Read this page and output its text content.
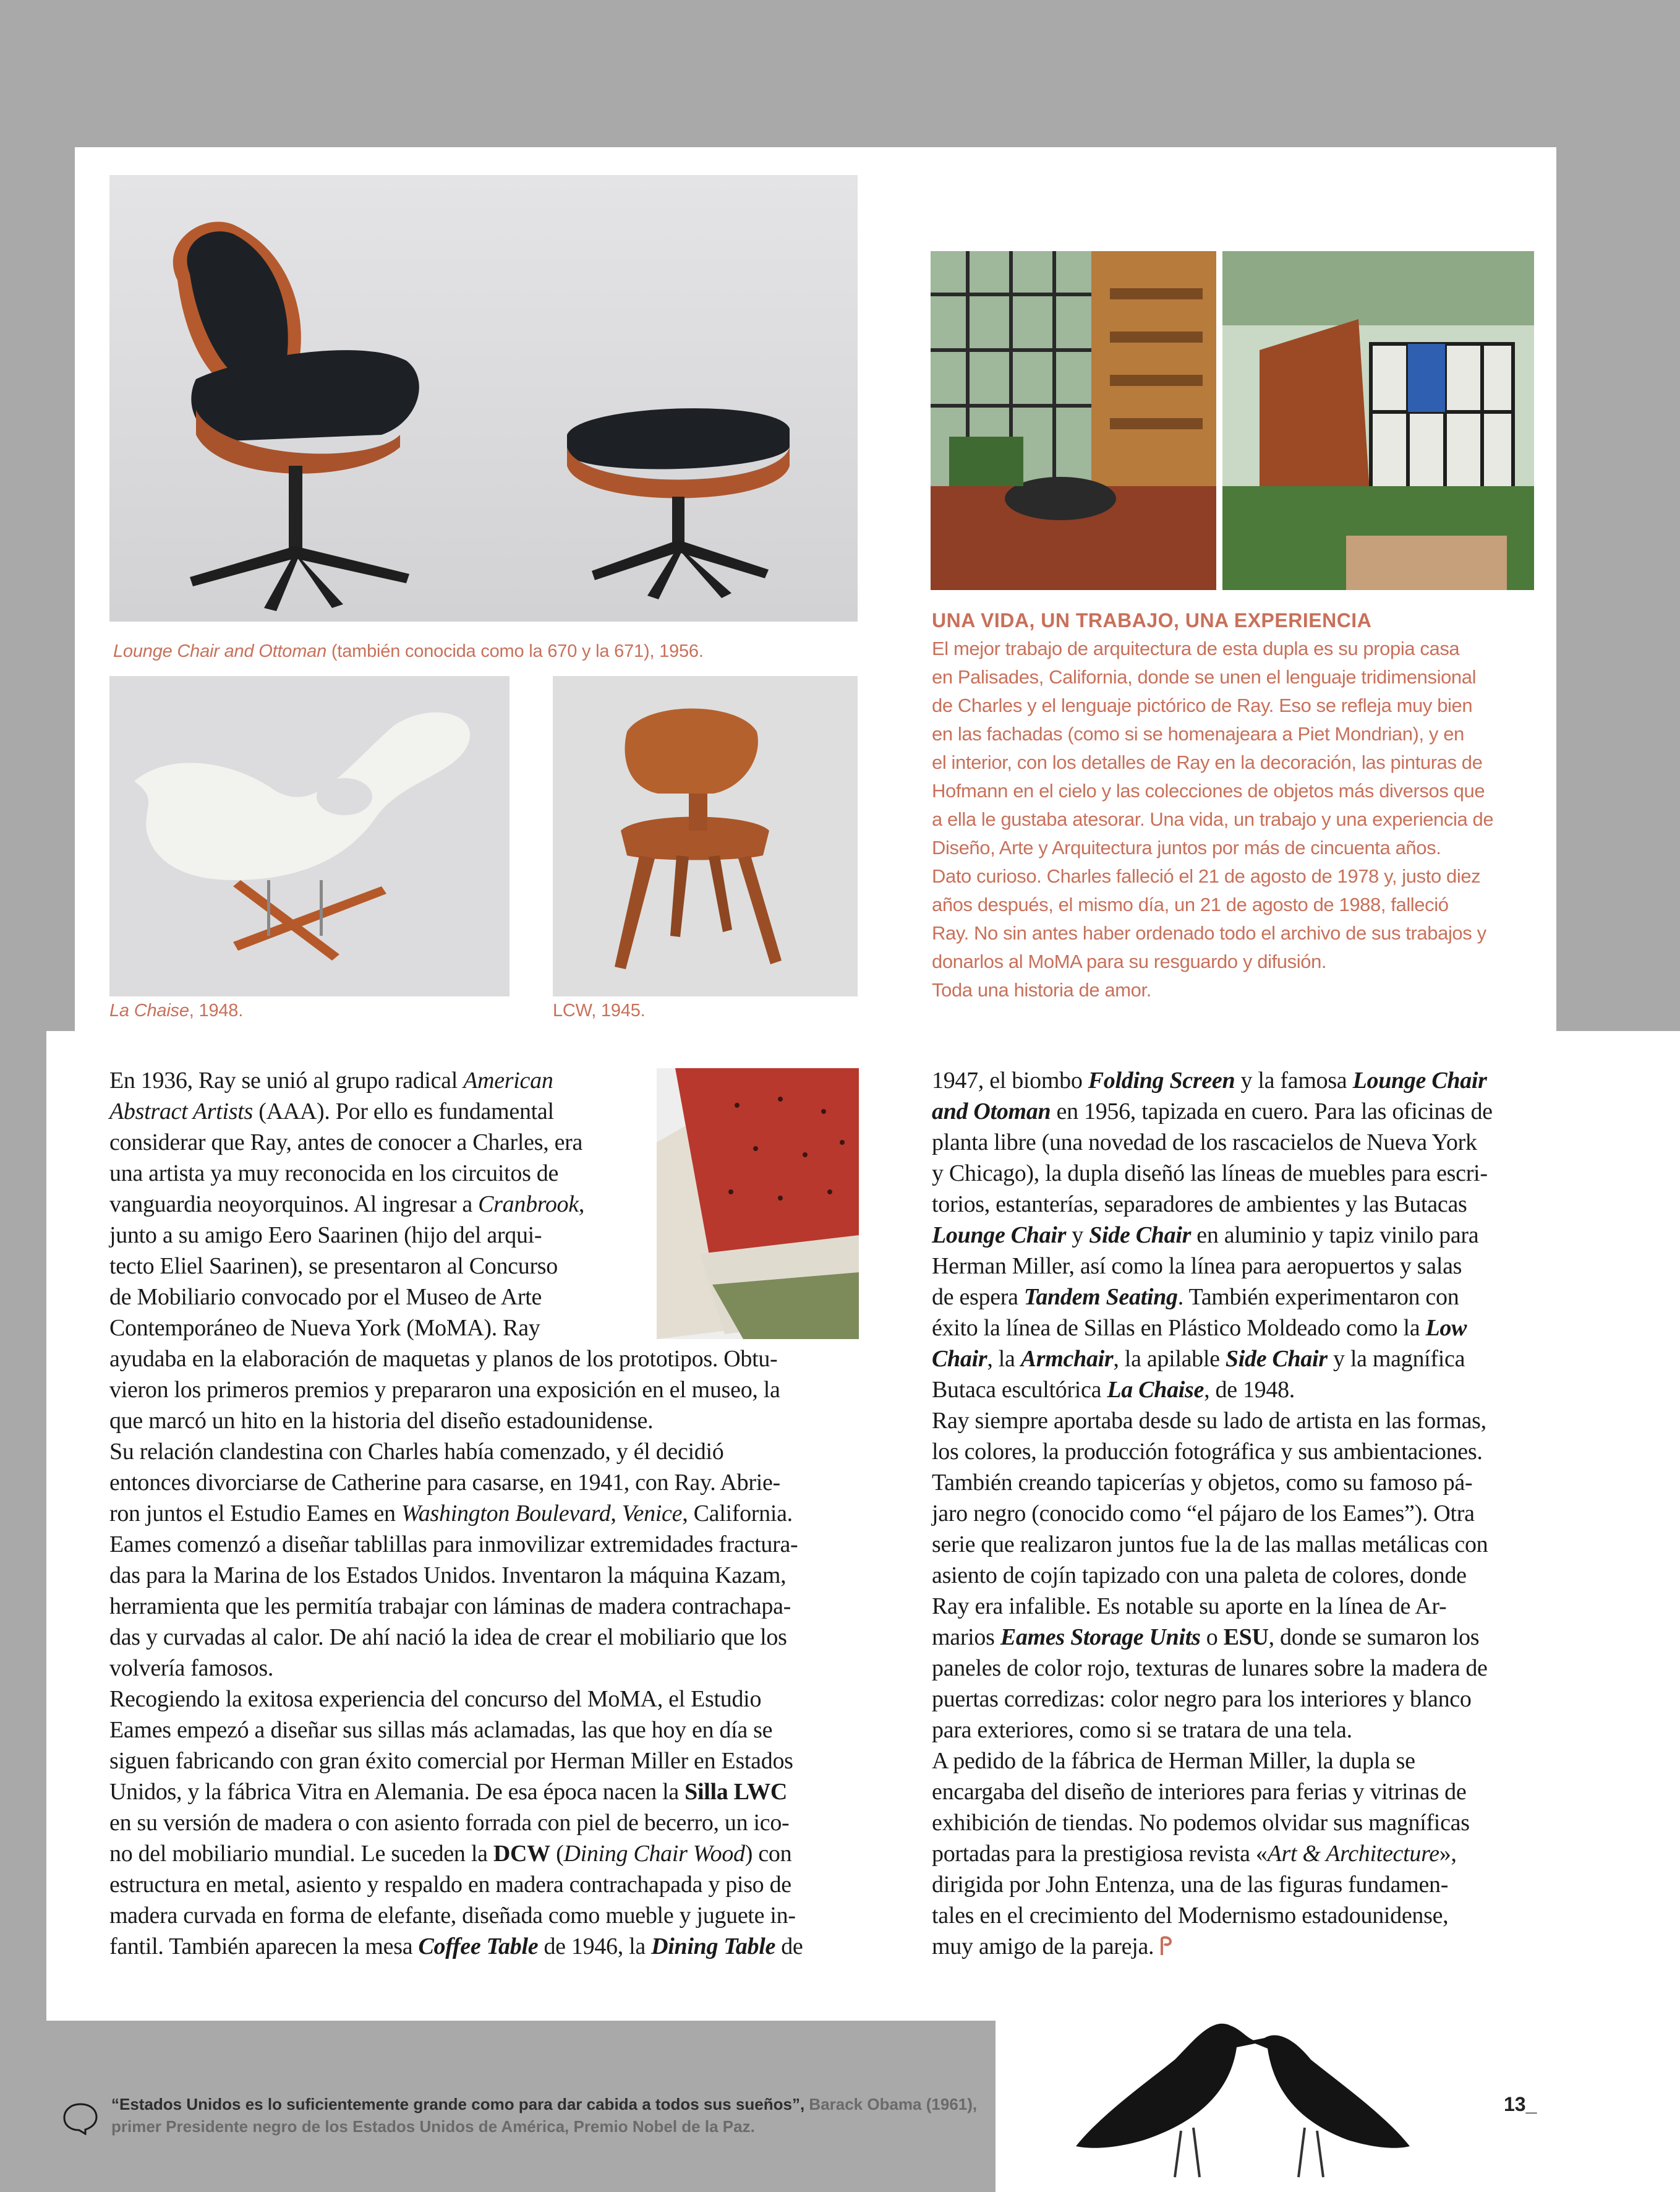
Lounge Chair and Ottoman (también conocida como la 670 y la 671), 1956.
La Chaise, 1948.	LCW, 1945.
UNA VIDA, UN TRABAJO, UNA EXPERIENCIA

El mejor trabajo de arquitectura de esta dupla es su propia casa

en Palisades, California, donde se unen el lenguaje tridimensional

de Charles y el lenguaje pictórico de Ray. Eso se refleja muy bien

en las fachadas (como si se homenajeara a Piet Mondrian), y en

el interior, con los detalles de Ray en la decoración, las pinturas de

Hofmann en el cielo y las colecciones de objetos más diversos que

a ella le gustaba atesorar. Una vida, un trabajo y una experiencia de

Diseño, Arte y Arquitectura juntos por más de cincuenta años.

Dato curioso. Charles falleció el 21 de agosto de 1978 y, justo diez

años después, el mismo día, un 21 de agosto de 1988, falleció

Ray. No sin antes haber ordenado todo el archivo de sus trabajos y

donarlos al MoMA para su resguardo y difusión.

Toda una historia de amor.

En 1936, Ray se unió al grupo radical American
Abstract Artists (AAA). Por ello es fundamental
considerar que Ray, antes de conocer a Charles, era
una artista ya muy reconocida en los circuitos de
vanguardia neoyorquinos. Al ingresar a Cranbrook,
junto a su amigo Eero Saarinen (hijo del arqui-
tecto Eliel Saarinen), se presentaron al Concurso
de Mobiliario convocado por el Museo de Arte
Contemporáneo de Nueva York (MoMA). Ray
ayudaba en la elaboración de maquetas y planos de los prototipos. Obtu-
vieron los primeros premios y prepararon una exposición en el museo, la
que marcó un hito en la historia del diseño estadounidense.
Su relación clandestina con Charles había comenzado, y él decidió
entonces divorciarse de Catherine para casarse, en 1941, con Ray. Abrie-
ron juntos el Estudio Eames en Washington Boulevard, Venice, California.
Eames comenzó a diseñar tablillas para inmovilizar extremidades fractura-
das para la Marina de los Estados Unidos. Inventaron la máquina Kazam,
herramienta que les permitía trabajar con láminas de madera contrachapa-
das y curvadas al calor. De ahí nació la idea de crear el mobiliario que los
volvería famosos.
Recogiendo la exitosa experiencia del concurso del MoMA, el Estudio
Eames empezó a diseñar sus sillas más aclamadas, las que hoy en día se
siguen fabricando con gran éxito comercial por Herman Miller en Estados
Unidos, y la fábrica Vitra en Alemania. De esa época nacen la Silla LWC
en su versión de madera o con asiento forrada con piel de becerro, un ico-
no del mobiliario mundial. Le suceden la DCW (Dining Chair Wood) con
estructura en metal, asiento y respaldo en madera contrachapada y piso de
madera curvada en forma de elefante, diseñada como mueble y juguete in-
fantil. También aparecen la mesa Coffee Table de 1946, la Dining Table de
1947, el biombo Folding Screen y la famosa Lounge Chair
and Otoman en 1956, tapizada en cuero. Para las oficinas de
planta libre (una novedad de los rascacielos de Nueva York
y Chicago), la dupla diseñó las líneas de muebles para escri-
torios, estanterías, separadores de ambientes y las Butacas
Lounge Chair y Side Chair en aluminio y tapiz vinilo para
Herman Miller, así como la línea para aeropuertos y salas
de espera Tandem Seating. También experimentaron con
éxito la línea de Sillas en Plástico Moldeado como la Low
Chair, la Armchair, la apilable Side Chair y la magnífica
Butaca escultórica La Chaise, de 1948.
Ray siempre aportaba desde su lado de artista en las formas,
los colores, la producción fotográfica y sus ambientaciones.
También creando tapicerías y objetos, como su famoso pá-
jaro negro (conocido como “el pájaro de los Eames”). Otra
serie que realizaron juntos fue la de las mallas metálicas con
asiento de cojín tapizado con una paleta de colores, donde
Ray era infalible. Es notable su aporte en la línea de Ar-
marios Eames Storage Units o ESU, donde se sumaron los
paneles de color rojo, texturas de lunares sobre la madera de
puertas corredizas: color negro para los interiores y blanco
para exteriores, como si se tratara de una tela.
A pedido de la fábrica de Herman Miller, la dupla se
encargaba del diseño de interiores para ferias y vitrinas de
exhibición de tiendas. No podemos olvidar sus magníficas
portadas para la prestigiosa revista «Art & Architecture»,
dirigida por John Entenza, una de las figuras fundamen-
tales en el crecimiento del Modernismo estadounidense,
muy amigo de la pareja.
“Estados Unidos es lo suficientemente grande como para dar cabida a todos sus sueños”, Barack Obama (1961),
primer Presidente negro de los Estados Unidos de América, Premio Nobel de la Paz.
13_
